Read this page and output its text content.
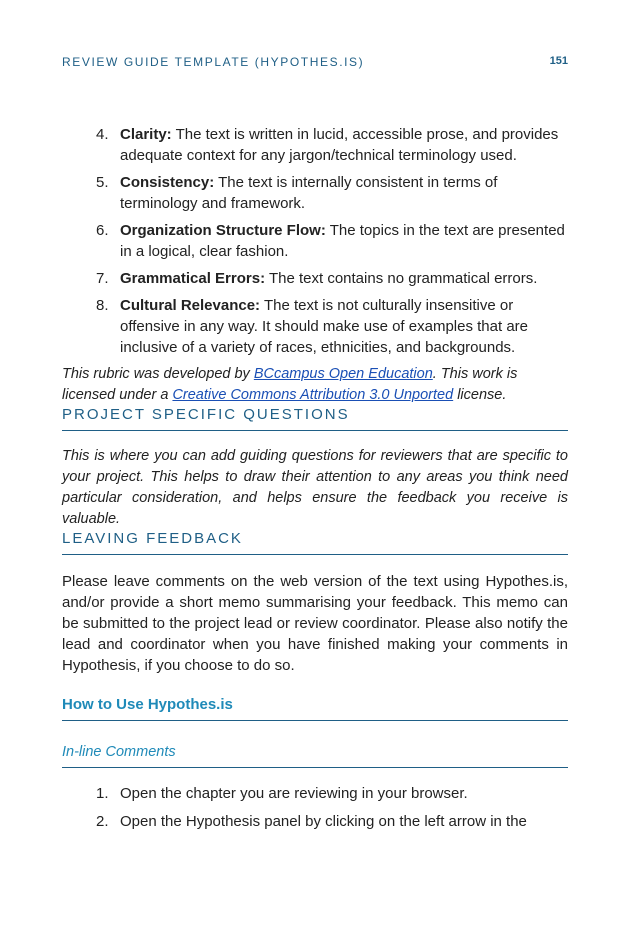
REVIEW GUIDE TEMPLATE (HYPOTHES.IS)	151
4. Clarity: The text is written in lucid, accessible prose, and provides adequate context for any jargon/technical terminology used.
5. Consistency: The text is internally consistent in terms of terminology and framework.
6. Organization Structure Flow: The topics in the text are presented in a logical, clear fashion.
7. Grammatical Errors: The text contains no grammatical errors.
8. Cultural Relevance: The text is not culturally insensitive or offensive in any way. It should make use of examples that are inclusive of a variety of races, ethnicities, and backgrounds.

This rubric was developed by BCcampus Open Education. This work is licensed under a Creative Commons Attribution 3.0 Unported license.

PROJECT SPECIFIC QUESTIONS

This is where you can add guiding questions for reviewers that are specific to your project. This helps to draw their attention to any areas you think need particular consideration, and helps ensure the feedback you receive is valuable.

LEAVING FEEDBACK

Please leave comments on the web version of the text using Hypothes.is, and/or provide a short memo summarising your feedback. This memo can be submitted to the project lead or review coordinator. Please also notify the lead and coordinator when you have finished making your comments in Hypothesis, if you choose to do so.

How to Use Hypothes.is
In-line Comments
1. Open the chapter you are reviewing in your browser.
2. Open the Hypothesis panel by clicking on the left arrow in the
